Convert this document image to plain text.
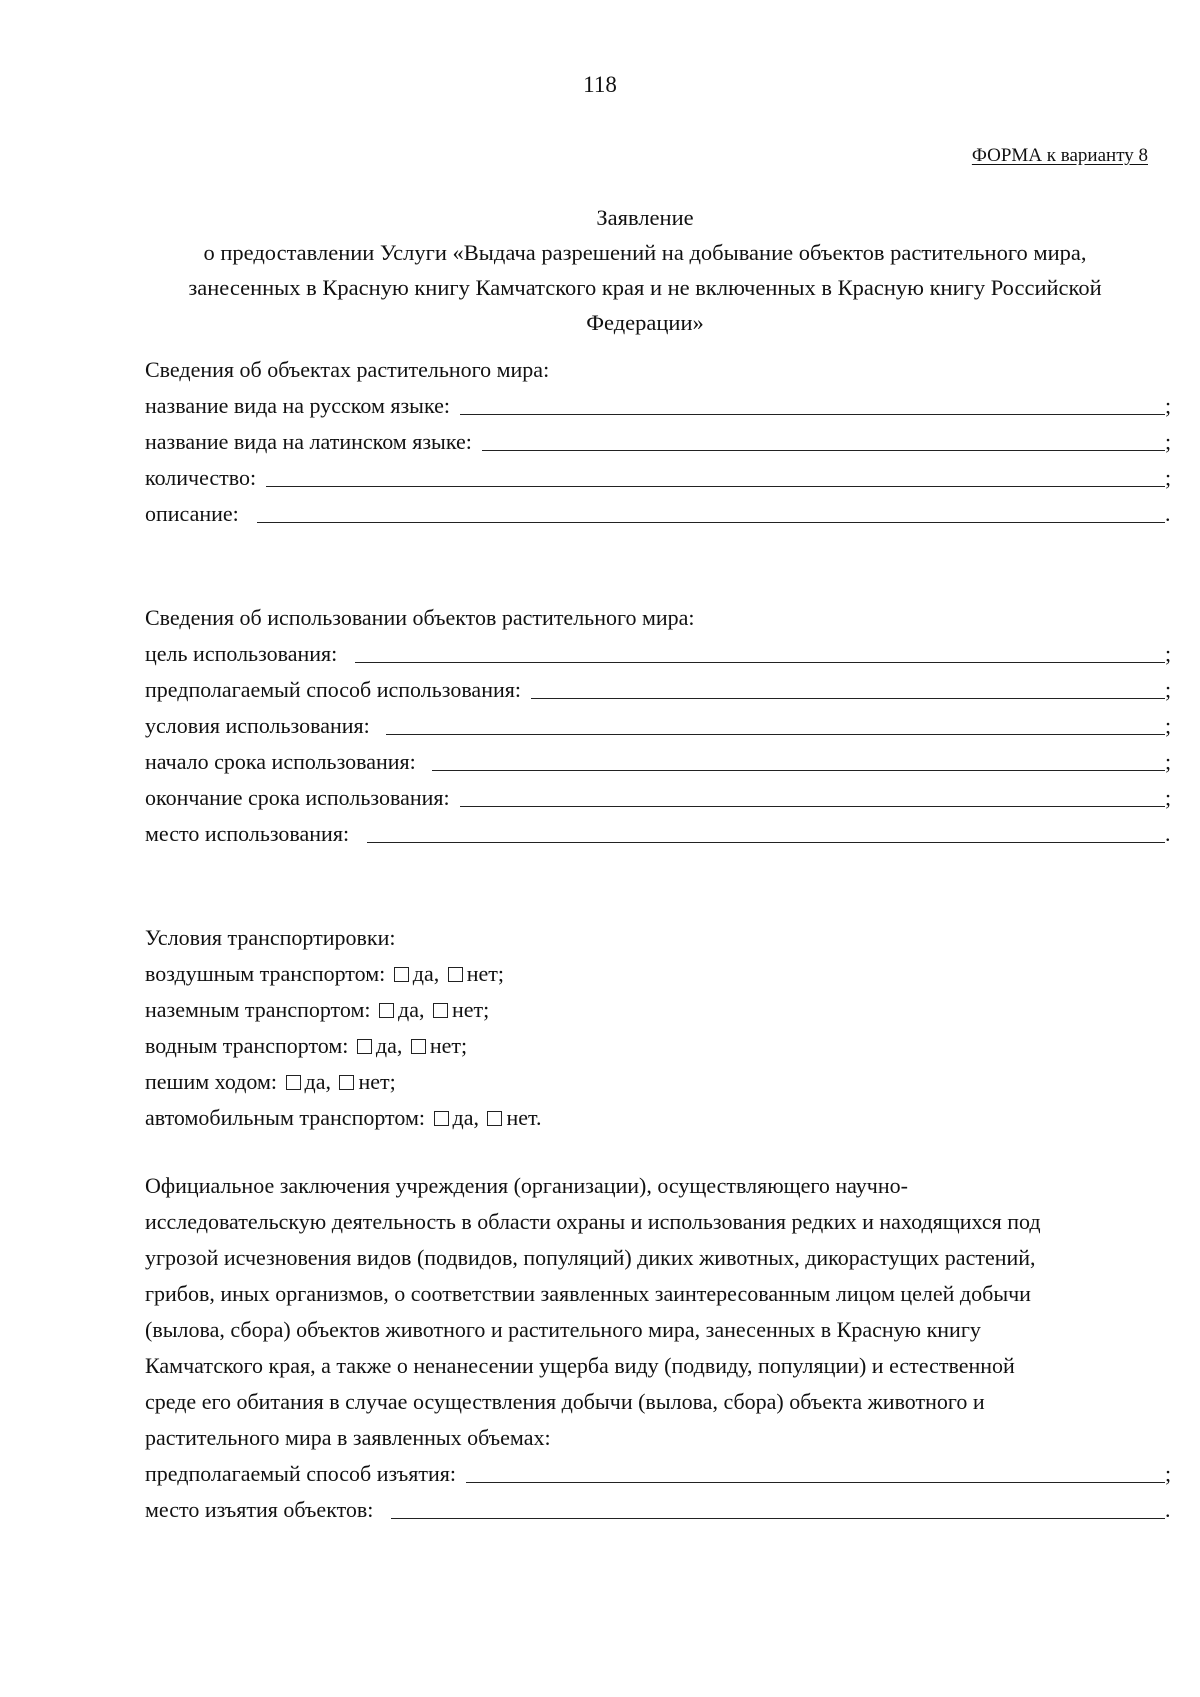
118
ФОРМА к варианту 8
Заявление
о предоставлении Услуги «Выдача разрешений на добывание объектов растительного мира,
занесенных в Красную книгу Камчатского края и не включенных в Красную книгу Российской
Федерации»
Сведения об объектах растительного мира:
название вида на русском языке:	;
название вида на латинском языке:	;
количество:	;
описание:	.
Сведения об использовании объектов растительного мира:
цель использования:	;
предполагаемый способ использования:	;
условия использования:	;
начало срока использования:	;
окончание срока использования:	;
место использования:	.
Условия транспортировки:
воздушным транспортом: да, нет;
наземным транспортом: да, нет;
водным транспортом: да, нет;
пешим ходом: да, нет;
автомобильным транспортом: да, нет.
Официальное заключения учреждения (организации), осуществляющего научно-
исследовательскую деятельность в области охраны и использования редких и находящихся под
угрозой исчезновения видов (подвидов, популяций) диких животных, дикорастущих растений,
грибов, иных организмов, о соответствии заявленных заинтересованным лицом целей добычи
(вылова, сбора) объектов животного и растительного мира, занесенных в Красную книгу
Камчатского края, а также о ненанесении ущерба виду (подвиду, популяции) и естественной
среде его обитания в случае осуществления добычи (вылова, сбора) объекта животного и
растительного мира в заявленных объемах:
предполагаемый способ изъятия:	;
место изъятия объектов:	.
